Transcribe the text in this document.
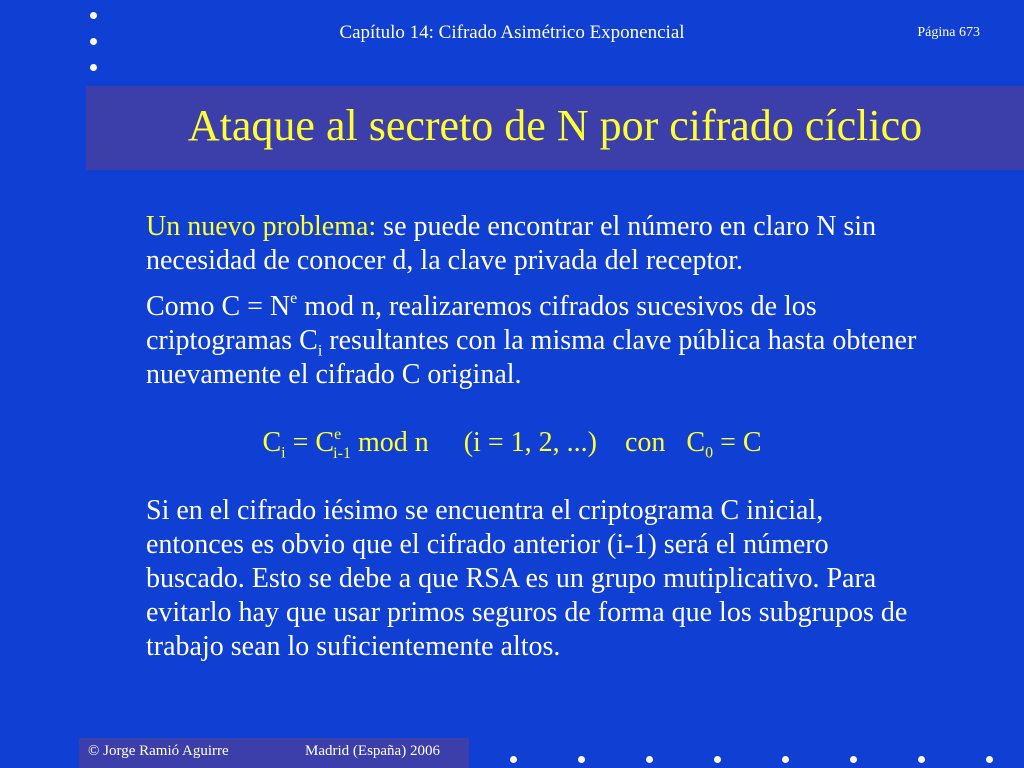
Capítulo 14: Cifrado Asimétrico Exponencial	Página 673
Ataque al secreto de N por cifrado cíclico
Un nuevo problema: se puede encontrar el número en claro N sin necesidad de conocer d, la clave privada del receptor.
Como $C = N^e$ mod n, realizaremos cifrados sucesivos de los criptogramas $C_i$ resultantes con la misma clave pública hasta obtener nuevamente el cifrado C original.
$C_i = C^e_{i-1}$ mod n     (i = 1, 2, ...)    con   $C_0 = C$
Si en el cifrado iésimo se encuentra el criptograma C inicial, entonces es obvio que el cifrado anterior (i-1) será el número buscado. Esto se debe a que RSA es un grupo mutiplicativo. Para evitarlo hay que usar primos seguros de forma que los subgrupos de trabajo sean lo suficientemente altos.
© Jorge Ramió Aguirre	Madrid (España) 2006
